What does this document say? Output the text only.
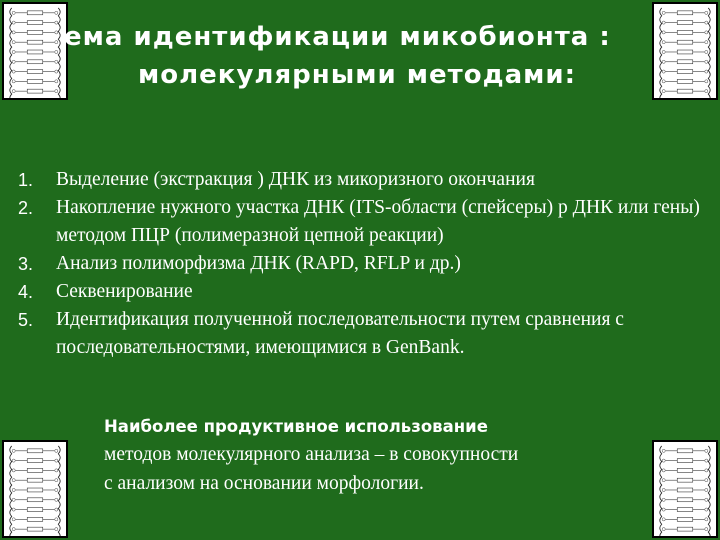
ема идентификации микобионта :
молекулярными методами:
1. Выделение (экстракция ) ДНК из микоризного окончания
2. Накопление нужного участка ДНК (ITS-области (спейсеры) р ДНК или гены) методом ПЦР (полимеразной цепной реакции)
3. Анализ полиморфизма ДНК (RAPD, RFLP и др.)
4. Секвенирование
5. Идентификация полученной последовательности путем сравнения с последовательностями, имеющимися в GenBank.
Наиболее продуктивное использование
методов молекулярного анализа – в совокупности
с анализом на основании морфологии.
